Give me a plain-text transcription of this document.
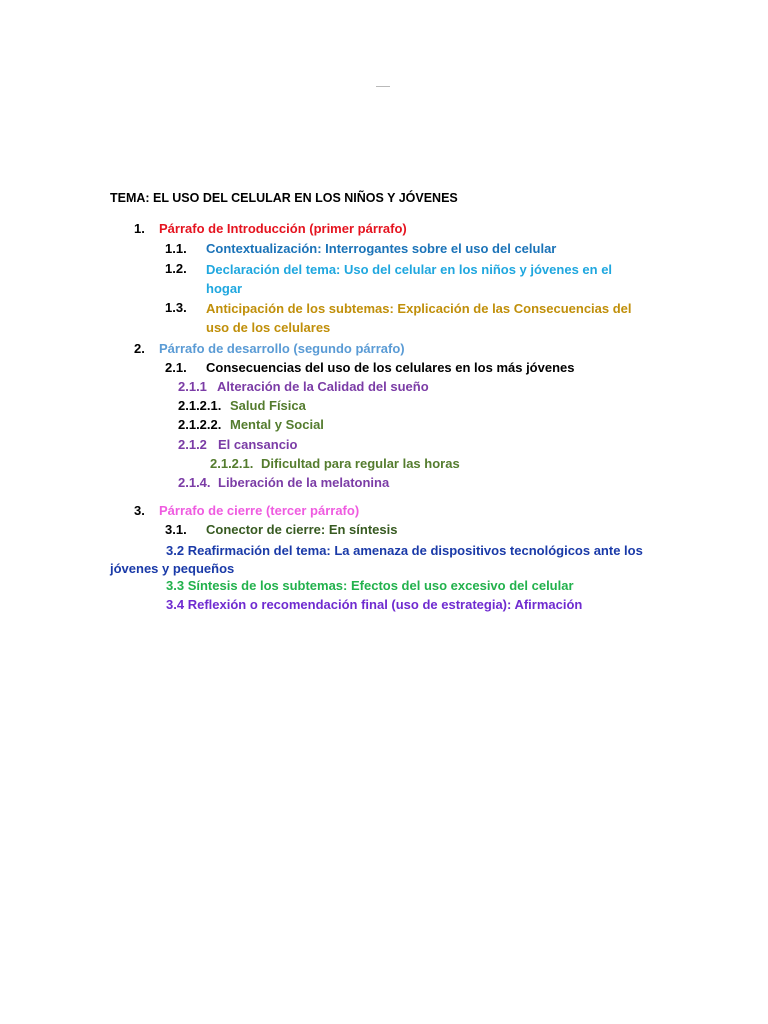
TEMA: EL USO DEL CELULAR EN LOS NIÑOS Y JÓVENES
1. Párrafo de Introducción (primer párrafo)
1.1. Contextualización: Interrogantes sobre el uso del celular
1.2. Declaración del tema: Uso del celular en los niños y jóvenes en el hogar
1.3. Anticipación de los subtemas: Explicación de las Consecuencias del uso de los celulares
2. Párrafo de desarrollo (segundo párrafo)
2.1. Consecuencias del uso de los celulares en los más jóvenes
2.1.1 Alteración de la Calidad del sueño
2.1.2.1. Salud Física
2.1.2.2. Mental y Social
2.1.2 El cansancio
2.1.2.1. Dificultad para regular las horas
2.1.4. Liberación de la melatonina
3. Párrafo de cierre (tercer párrafo)
3.1. Conector de cierre: En síntesis
3.2 Reafirmación del tema: La amenaza de dispositivos tecnológicos ante los jóvenes y pequeños
3.3 Síntesis de los subtemas: Efectos del uso excesivo del celular
3.4 Reflexión o recomendación final (uso de estrategia): Afirmación
